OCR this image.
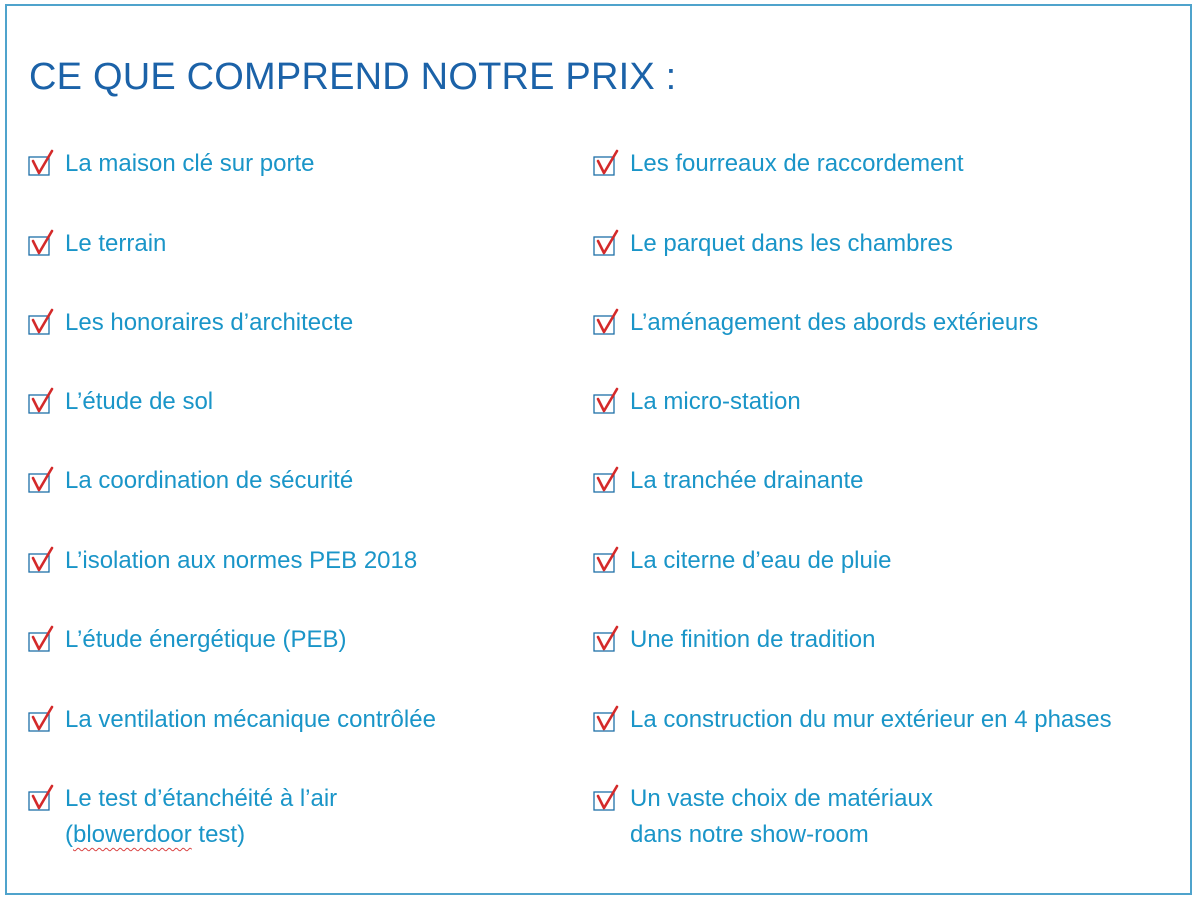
CE QUE COMPREND NOTRE PRIX :
La maison clé sur porte
Le terrain
Les honoraires d’architecte
L’étude de sol
La coordination de sécurité
L’isolation aux normes PEB 2018
L’étude énergétique (PEB)
La ventilation mécanique contrôlée
Le test d’étanchéité à l’air
(blowerdoor test)
Les fourreaux de raccordement
Le parquet dans les chambres
L’aménagement des abords extérieurs
La micro-station
La tranchée drainante
La citerne d’eau de pluie
Une finition de tradition
La construction du mur extérieur en 4 phases
Un vaste choix de matériaux
dans notre show-room
